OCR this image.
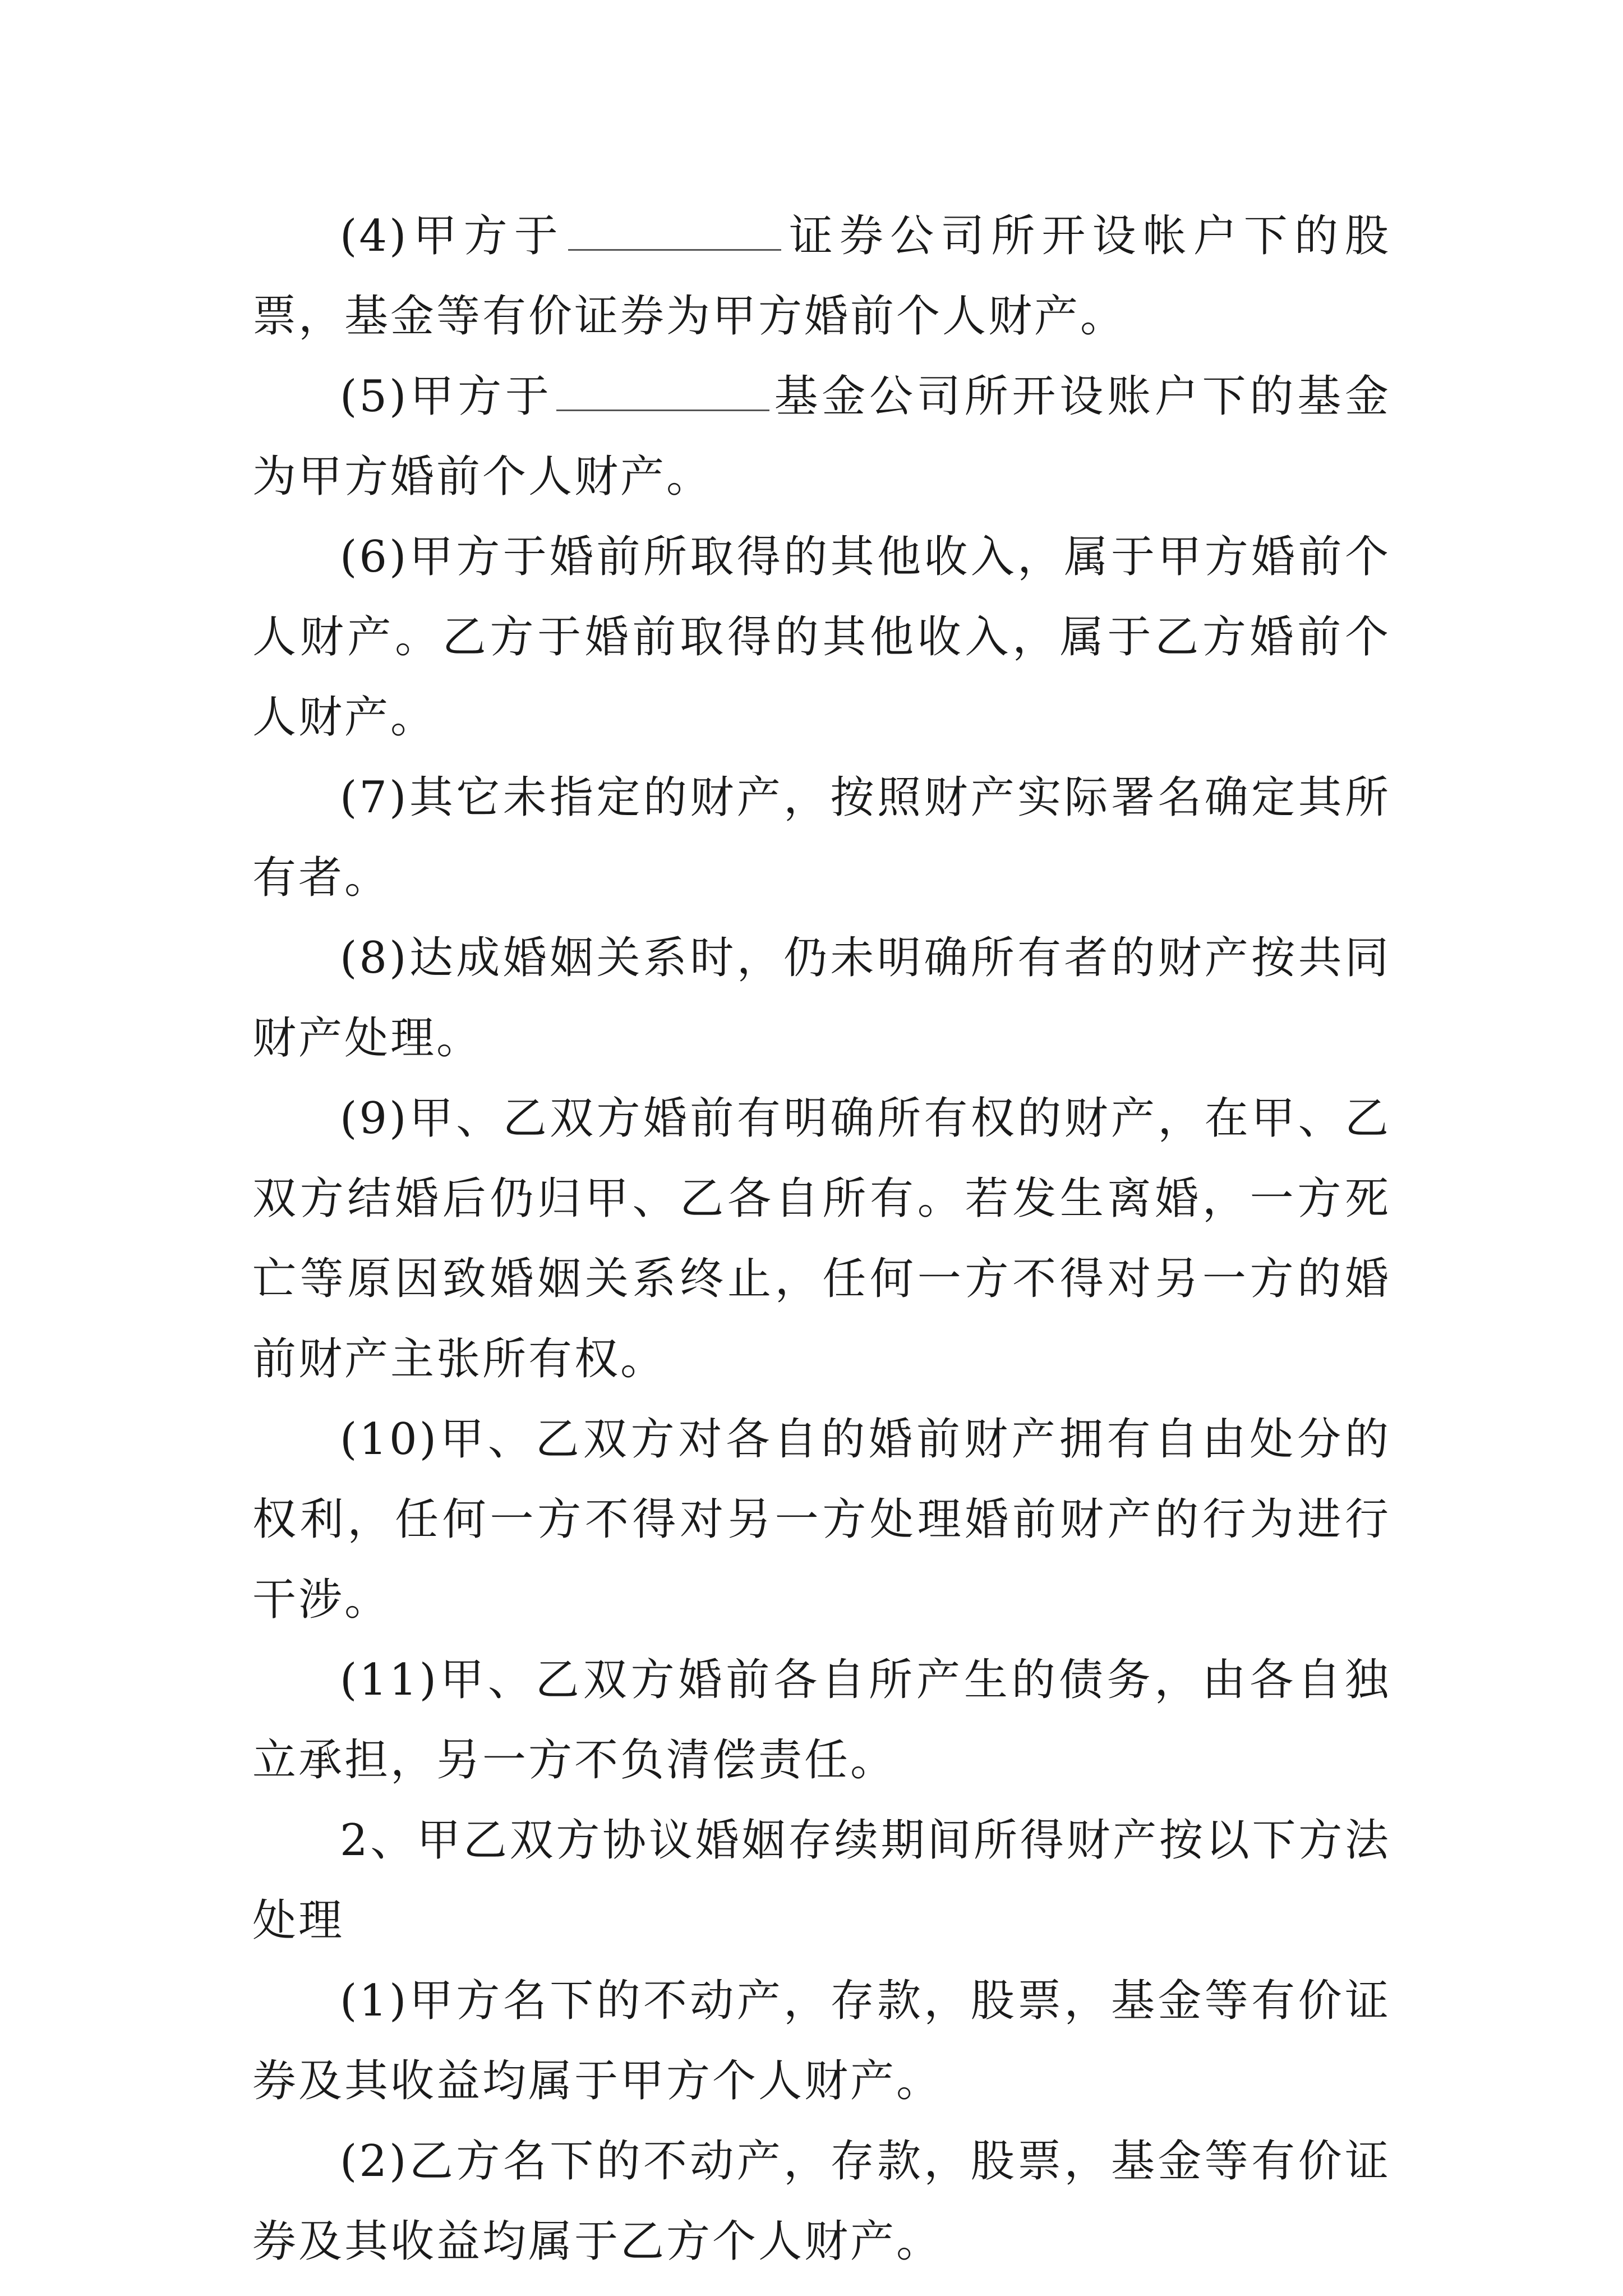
(4)甲方于	证券公司所开设帐户下的股票，基金等有价证券为甲方婚前个人财产。

(5)甲方于	基金公司所开设账户下的基金为甲方婚前个人财产。

(6)甲方于婚前所取得的其他收入，属于甲方婚前个人财产。乙方于婚前取得的其他收入，属于乙方婚前个人财产。

(7)其它未指定的财产，按照财产实际署名确定其所有者。

(8)达成婚姻关系时，仍未明确所有者的财产按共同财产处理。

(9)甲、乙双方婚前有明确所有权的财产，在甲、乙双方结婚后仍归甲、乙各自所有。若发生离婚，一方死亡等原因致婚姻关系终止，任何一方不得对另一方的婚前财产主张所有权。

(10)甲、乙双方对各自的婚前财产拥有自由处分的权利，任何一方不得对另一方处理婚前财产的行为进行干涉。

(11)甲、乙双方婚前各自所产生的债务，由各自独立承担，另一方不负清偿责任。

2、甲乙双方协议婚姻存续期间所得财产按以下方法处理

(1)甲方名下的不动产，存款，股票，基金等有价证券及其收益均属于甲方个人财产。

(2)乙方名下的不动产，存款，股票，基金等有价证券及其收益均属于乙方个人财产。
